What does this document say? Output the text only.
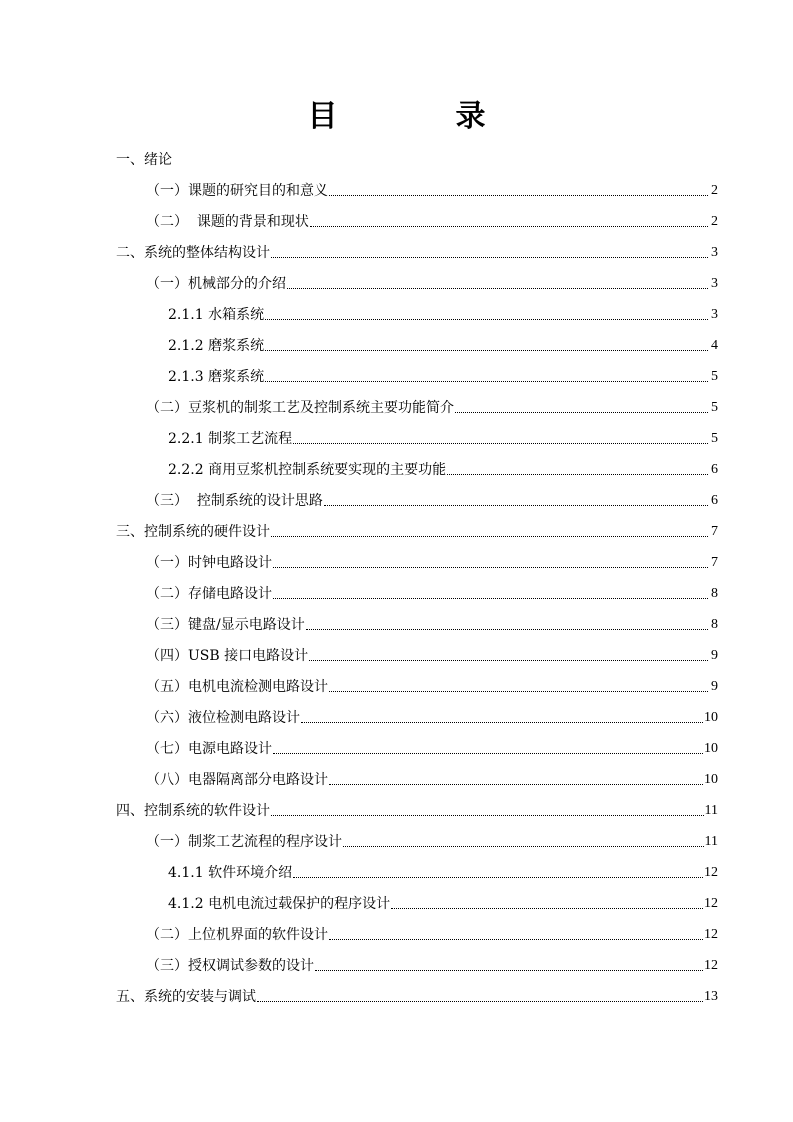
目　录
一、绪论
（一）课题的研究目的和意义	2
（二）  课题的背景和现状	2
二、系统的整体结构设计	3
（一）机械部分的介绍	3
2.1.1 水箱系统	3
2.1.2 磨浆系统	4
2.1.3 磨浆系统	5
（二）豆浆机的制浆工艺及控制系统主要功能简介	5
2.2.1 制浆工艺流程	5
2.2.2 商用豆浆机控制系统要实现的主要功能	6
（三）  控制系统的设计思路	6
三、控制系统的硬件设计	7
（一）时钟电路设计	7
（二）存储电路设计	8
（三）键盘/显示电路设计	8
（四）USB 接口电路设计	9
（五）电机电流检测电路设计	9
（六）液位检测电路设计	10
（七）电源电路设计	10
（八）电器隔离部分电路设计	10
四、控制系统的软件设计	11
（一）制浆工艺流程的程序设计	11
4.1.1 软件环境介绍	12
4.1.2 电机电流过载保护的程序设计	12
（二）上位机界面的软件设计	12
（三）授权调试参数的设计	12
五、系统的安装与调试	13
